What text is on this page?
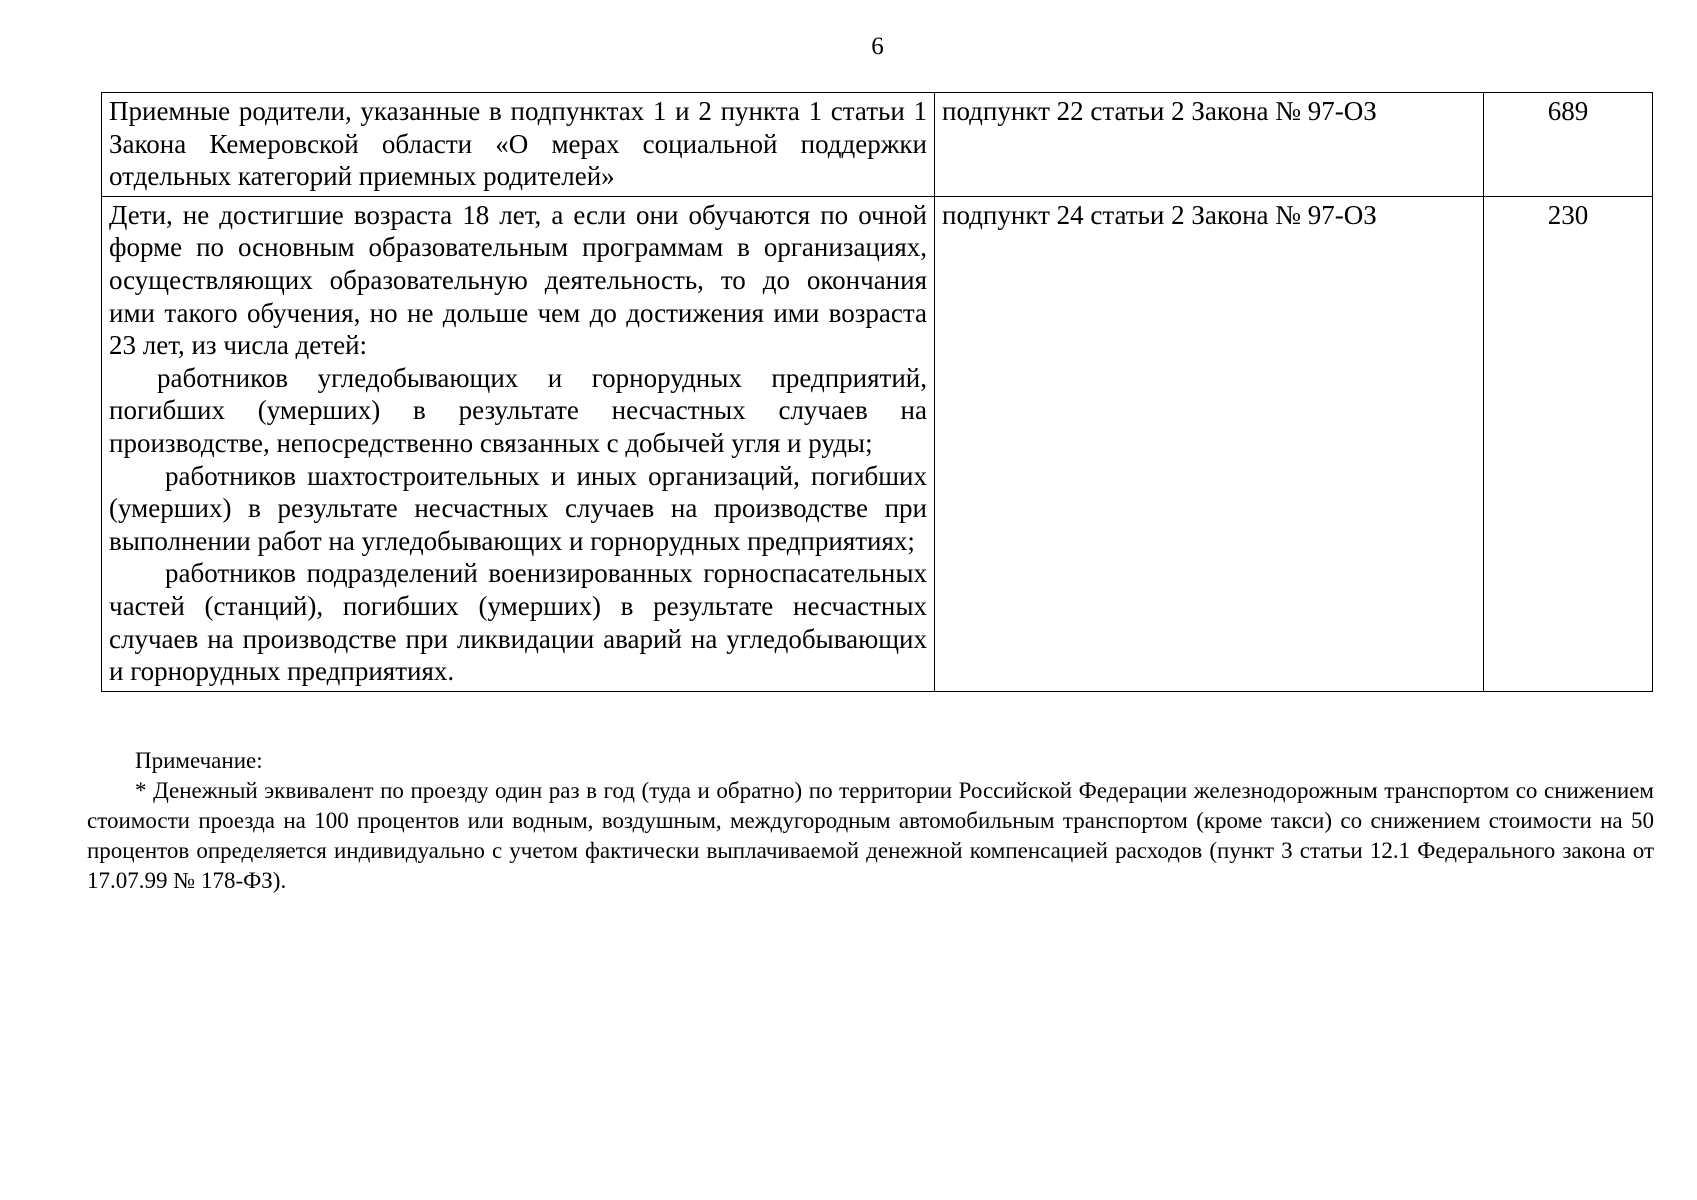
6

Приемные родители, указанные в подпунктах 1 и 2 пункта 1 статьи 1 Закона Кемеровской области «О мерах социальной поддержки отдельных категорий приемных родителей»	подпункт 22 статьи 2 Закона № 97-ОЗ	689

Дети, не достигшие возраста 18 лет, а если они обучаются по очной форме по основным образовательным программам в организациях, осуществляющих образовательную деятельность, то до окончания ими такого обучения, но не дольше чем до достижения ими возраста 23 лет, из числа детей:

работников угледобывающих и горнорудных предприятий, погибших (умерших) в результате несчастных случаев на производстве, непосредственно связанных с добычей угля и руды;

работников шахтостроительных и иных организаций, погибших (умерших) в результате несчастных случаев на производстве при выполнении работ на угледобывающих и горнорудных предприятиях;

работников подразделений военизированных горноспасательных частей (станций), погибших (умерших) в результате несчастных случаев на производстве при ликвидации аварий на угледобывающих и горнорудных предприятиях.	подпункт 24 статьи 2 Закона № 97-ОЗ	230

Примечание:

* Денежный эквивалент по проезду один раз в год (туда и обратно) по территории Российской Федерации железнодорожным транспортом со снижением стоимости проезда на 100 процентов или водным, воздушным, междугородным автомобильным транспортом (кроме такси) со снижением стоимости на 50 процентов определяется индивидуально с учетом фактически выплачиваемой денежной компенсацией расходов (пункт 3 статьи 12.1 Федерального закона от 17.07.99 № 178-ФЗ).
